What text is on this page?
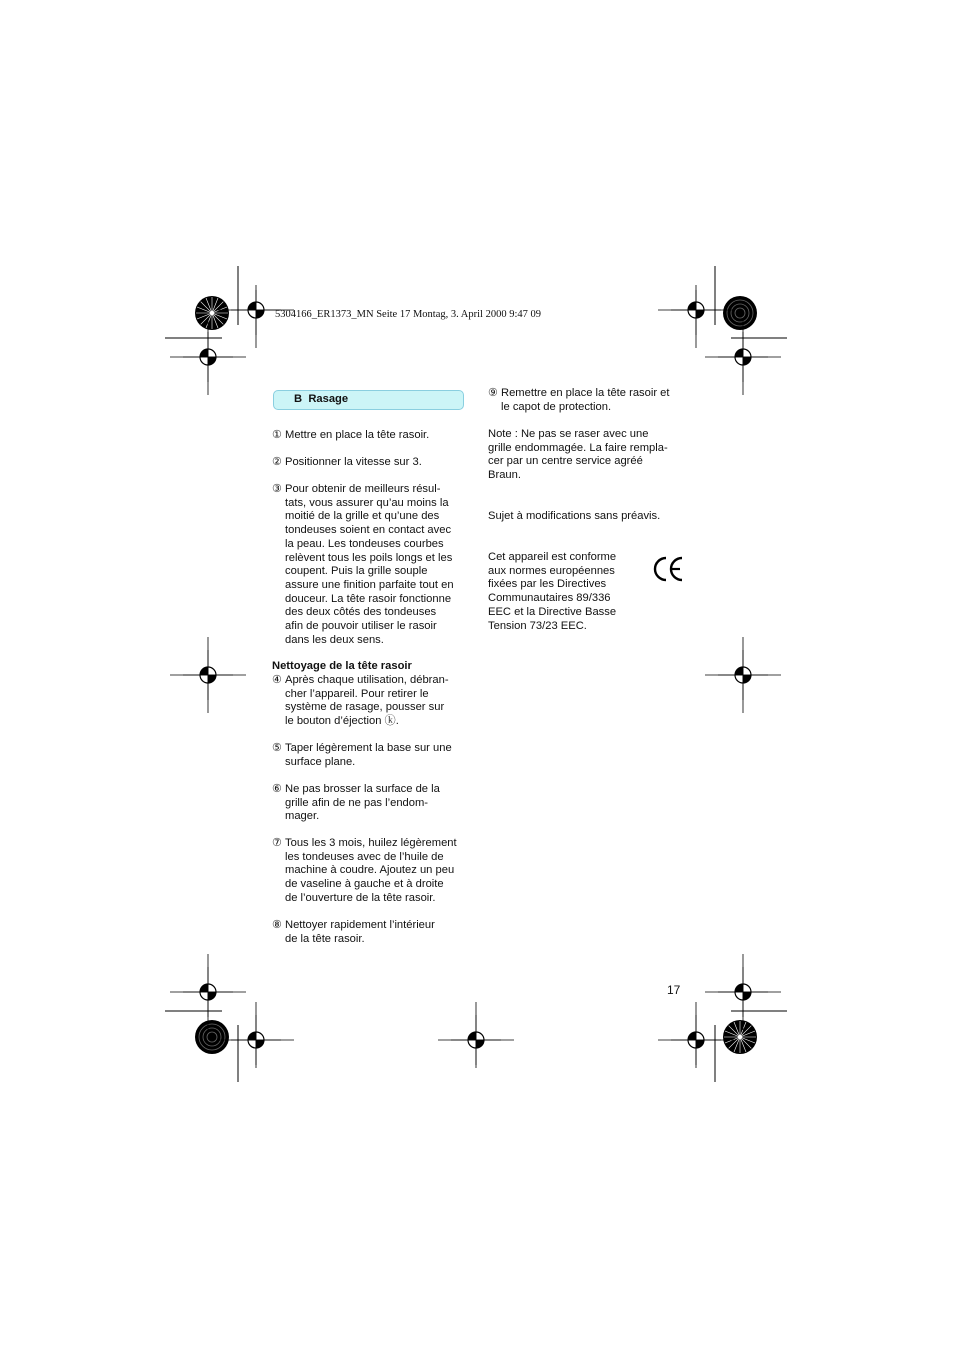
5304166_ER1373_MN Seite 17 Montag, 3. April 2000 9:47 09
B Rasage
① Mettre en place la tête rasoir.
② Positionner la vitesse sur 3.
③ Pour obtenir de meilleurs résul-
tats, vous assurer qu’au moins la
moitié de la grille et qu’une des
tondeuses soient en contact avec
la peau. Les tondeuses courbes
relèvent tous les poils longs et les
coupent. Puis la grille souple
assure une finition parfaite tout en
douceur. La tête rasoir fonctionne
des deux côtés des tondeuses
afin de pouvoir utiliser le rasoir
dans les deux sens.
Nettoyage de la tête rasoir
④ Après chaque utilisation, débran-
cher l’appareil. Pour retirer le
système de rasage, pousser sur
le bouton d’éjection ⓚ.
⑤ Taper légèrement la base sur une
surface plane.
⑥ Ne pas brosser la surface de la
grille afin de ne pas l’endom-
mager.
⑦ Tous les 3 mois, huilez légèrement
les tondeuses avec de l’huile de
machine à coudre. Ajoutez un peu
de vaseline à gauche et à droite
de l’ouverture de la tête rasoir.
⑧ Nettoyer rapidement l’intérieur
de la tête rasoir.
⑨ Remettre en place la tête rasoir et
le capot de protection.
Note : Ne pas se raser avec une
grille endommagée. La faire rempla-
cer par un centre service agréé
Braun.
Sujet à modifications sans préavis.
Cet appareil est conforme
aux normes européennes
fixées par les Directives
Communautaires 89/336
EEC et la Directive Basse
Tension 73/23 EEC.
17
